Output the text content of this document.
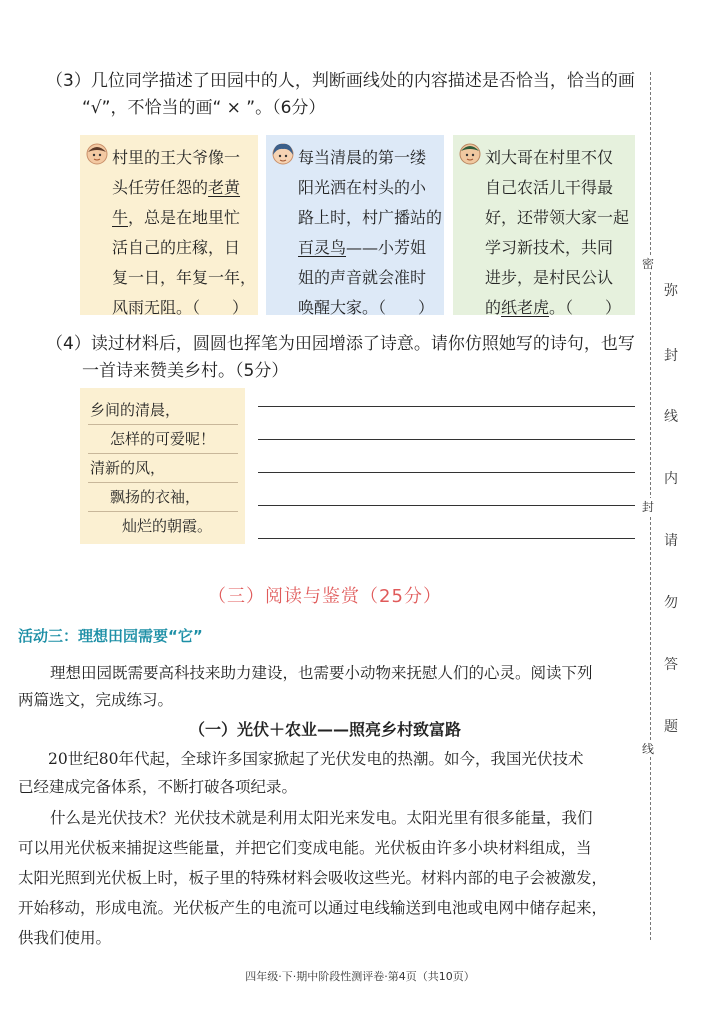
（3）几位同学描述了田园中的人，判断画线处的内容描述是否恰当，恰当的画
“√”，不恰当的画“ × ”。（6分）
村里的王大爷像一
头任劳任怨的老黄
牛，总是在地里忙
活自己的庄稼，日
复一日，年复一年，
风雨无阻。（　　）
每当清晨的第一缕
阳光洒在村头的小
路上时，村广播站的
百灵鸟——小芳姐
姐的声音就会准时
唤醒大家。（　　）
刘大哥在村里不仅
自己农活儿干得最
好，还带领大家一起
学习新技术，共同
进步，是村民公认
的纸老虎。（　　）
（4）读过材料后，圆圆也挥笔为田园增添了诗意。请你仿照她写的诗句，也写
一首诗来赞美乡村。（5分）
乡间的清晨，
怎样的可爱呢！
清新的风，
飘扬的衣袖，
灿烂的朝霞。
（三）阅读与鉴赏（25分）
活动三：理想田园需要“它”
理想田园既需要高科技来助力建设，也需要小动物来抚慰人们的心灵。阅读下列
两篇选文，完成练习。
（一）光伏＋农业——照亮乡村致富路
20世纪80年代起，全球许多国家掀起了光伏发电的热潮。如今，我国光伏技术
已经建成完备体系，不断打破各项纪录。
什么是光伏技术？光伏技术就是利用太阳光来发电。太阳光里有很多能量，我们
可以用光伏板来捕捉这些能量，并把它们变成电能。光伏板由许多小块材料组成，当
太阳光照到光伏板上时，板子里的特殊材料会吸收这些光。材料内部的电子会被激发，
开始移动，形成电流。光伏板产生的电流可以通过电线输送到电池或电网中储存起来，
供我们使用。
四年级·下·期中阶段性测评卷·第4页（共10页）
密
封
线
弥
封
线
内
请
勿
答
题
